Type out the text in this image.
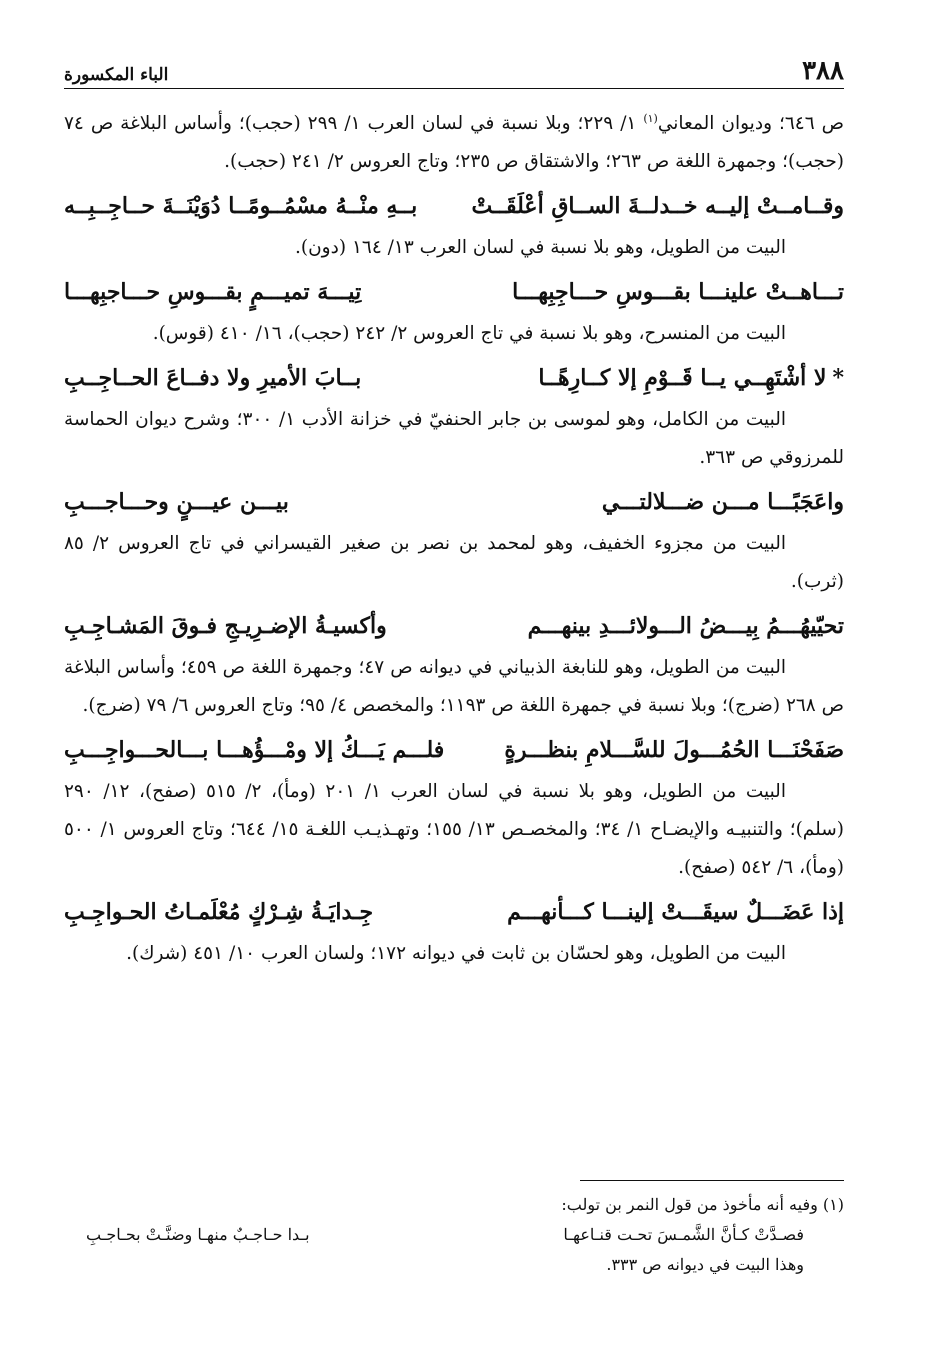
٣٨٨
الباء المكسورة

ص ٦٤٦؛ وديوان المعاني$^{(١)}$ ١/ ٢٢٩؛ وبلا نسبة في لسان العرب ١/ ٢٩٩ (حجب)؛ وأساس البلاغة ص ٧٤ (حجب)؛ وجمهرة اللغة ص ٢٦٣؛ والاشتقاق ص ٢٣٥؛ وتاج العروس ٢/ ٢٤١ (حجب).

وقــامــتْ إليــه خــدلــةَ الســاقِ أعْلَقَــتْ
بــهِ منْــهُ مسْمُــومًــا دُوَيْنَــةَ حــاجِــبِــه

البيت من الطويل، وهو بلا نسبة في لسان العرب ١٣/ ١٦٤ (دون).

تـــاهــتْ علينـــا بقـــوسِ حـــاجِبِهـــا
تِيـــهَ تميـــمٍ بقـــوسِ حـــاجبِهـــا

البيت من المنسرح، وهو بلا نسبة في تاج العروس ٢/ ٢٤٢ (حجب)، ١٦/ ٤١٠ (قوس).

*لا أشْتَهِــي يــا قَــوْمِ إلا كــارِهًــا
بــابَ الأميرِ ولا دفــاعَ الحــاجِــبِ

البيت من الكامل، وهو لموسى بن جابر الحنفيّ في خزانة الأدب ١/ ٣٠٠؛ وشرح ديوان الحماسة للمرزوقي ص ٣٦٣.

واعَجَبًـــا مـــن ضـــلالتـــي
بيـــن عيـــنٍ وحـــاجـــبِ

البيت من مجزوء الخفيف، وهو لمحمد بن نصر بن صغير القيسراني في تاج العروس ٢/ ٨٥ (ثرب).

تحيّيهُـــمُ بِيـــضُ الـــولائـــدِ بينهـــم
وأكسيـةُ الإضـرِيـجِ فـوقَ المَشـاجِـبِ

البيت من الطويل، وهو للنابغة الذبياني في ديوانه ص ٤٧؛ وجمهرة اللغة ص ٤٥٩؛ وأساس البلاغة ص ٢٦٨ (ضرج)؛ وبلا نسبة في جمهرة اللغة ص ١١٩٣؛ والمخصص ٤/ ٩٥؛ وتاج العروس ٦/ ٧٩ (ضرج).

صَفَحْنَـــا الحُمُـــولَ للسَّـــلامِ بنظـــرةٍ
فلـــم يَـــكُ إلا ومْـــؤُهـــا بـــالحـــواجِـــبِ

البيت من الطويل، وهو بلا نسبة في لسان العرب ١/ ٢٠١ (ومأ)، ٢/ ٥١٥ (صفح)، ١٢/ ٢٩٠ (سلم)؛ والتنبيـه والإيضـاح ١/ ٣٤؛ والمخصـص ١٣/ ١٥٥؛ وتهـذيـب اللغـة ١٥/ ٦٤٤؛ وتاج العروس ١/ ٥٠٠ (ومأ)، ٦/ ٥٤٢ (صفح).

إذا عَضَـــلٌ سيقَـــتْ إلينـــا كـــأنهـــم
جِـدايَـةُ شِـرْكٍ مُعْلَمـاتُ الحـواجِـبِ

البيت من الطويل، وهو لحسّان بن ثابت في ديوانه ١٧٢؛ ولسان العرب ١٠/ ٤٥١ (شرك).

(١) وفيه أنه مأخوذ من قول النمر بن تولب:

فصـدَّتْ كـأنَّ الشَّمـسَ تحـت قنـاعهـا
بـدا حـاجـبٌ منهـا وضنَّـتْ بحـاجـبِ

وهذا البيت في ديوانه ص ٣٣٣.
